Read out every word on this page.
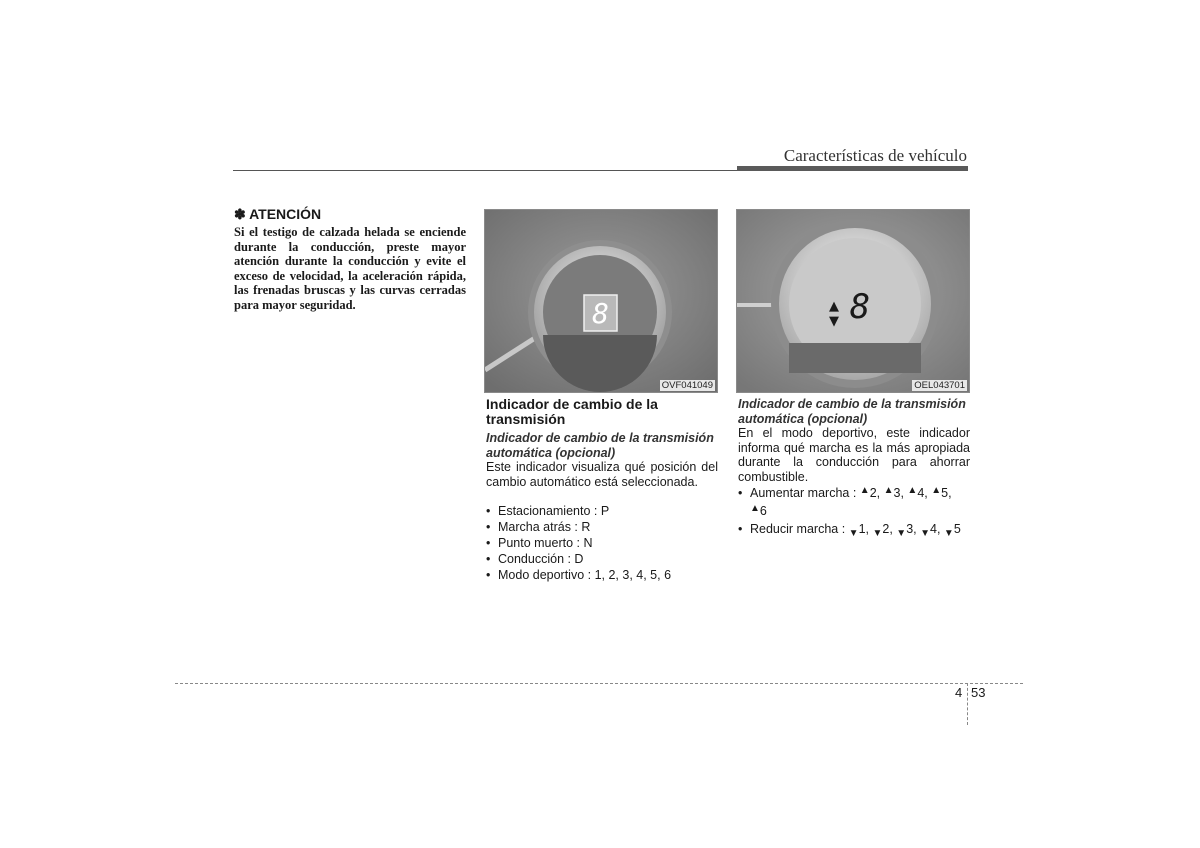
Características de vehículo

✽ ATENCIÓN

Si el testigo de calzada helada se enciende durante la conducción, preste mayor atención durante la conducción y evite el exceso de velocidad, la aceleración rápida, las frenadas bruscas y las curvas cerradas para mayor seguridad.	8
OVF041049
▲▼ 8
OEL043701

Indicador de cambio de la transmisión

Indicador de cambio de la transmisión automática (opcional)

Este indicador visualiza qué posición del cambio automático está seleccionada.

• Estacionamiento : P
• Marcha atrás : R
• Punto muerto : N
• Conducción : D
• Modo deportivo : 1, 2, 3, 4, 5, 6

Indicador de cambio de la transmisión automática (opcional)

En el modo deportivo, este indicador informa qué marcha es la más apropiada durante la conducción para ahorrar combustible.

• Aumentar marcha : ▲2, ▲3, ▲4, ▲5, ▲6
• Reducir marcha : $_▼$1, $_▼$2, $_▼$3, $_▼$4, $_▼$5
4 53
